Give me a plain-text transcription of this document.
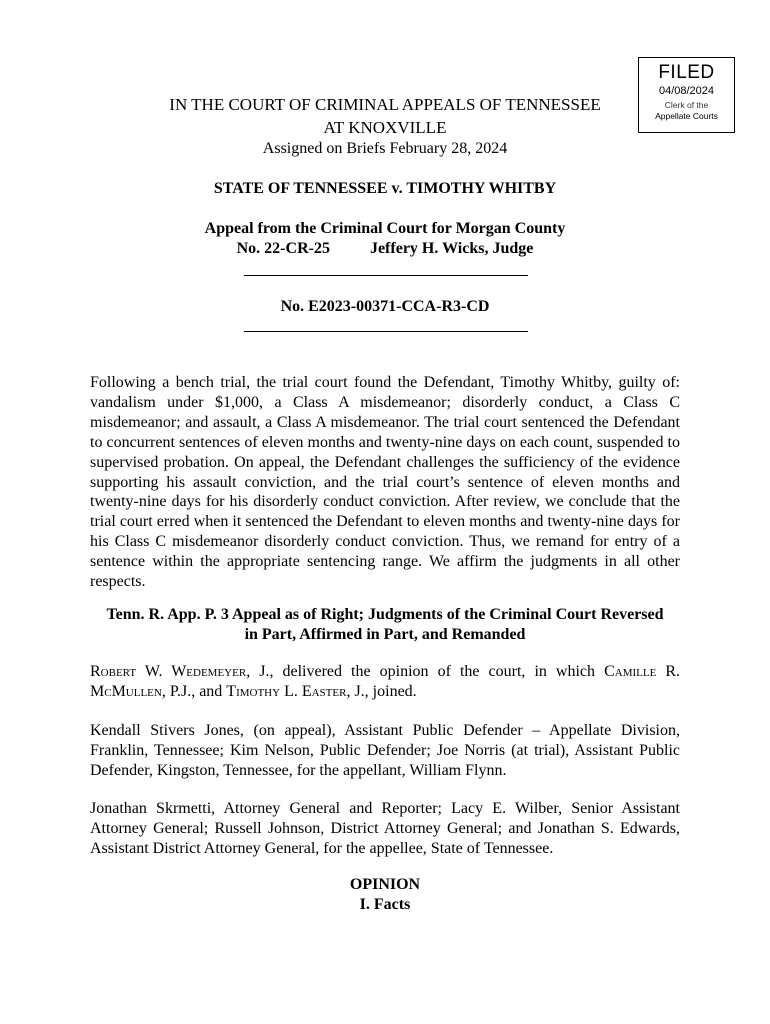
FILED
04/08/2024
Clerk of the
Appellate Courts
IN THE COURT OF CRIMINAL APPEALS OF TENNESSEE
AT KNOXVILLE
Assigned on Briefs February 28, 2024
STATE OF TENNESSEE v. TIMOTHY WHITBY
Appeal from the Criminal Court for Morgan County
No. 22-CR-25	Jeffery H. Wicks, Judge
No. E2023-00371-CCA-R3-CD
Following a bench trial, the trial court found the Defendant, Timothy Whitby, guilty of: vandalism under $1,000, a Class A misdemeanor; disorderly conduct, a Class C misdemeanor; and assault, a Class A misdemeanor. The trial court sentenced the Defendant to concurrent sentences of eleven months and twenty-nine days on each count, suspended to supervised probation. On appeal, the Defendant challenges the sufficiency of the evidence supporting his assault conviction, and the trial court’s sentence of eleven months and twenty-nine days for his disorderly conduct conviction. After review, we conclude that the trial court erred when it sentenced the Defendant to eleven months and twenty-nine days for his Class C misdemeanor disorderly conduct conviction. Thus, we remand for entry of a sentence within the appropriate sentencing range. We affirm the judgments in all other respects.
Tenn. R. App. P. 3 Appeal as of Right; Judgments of the Criminal Court Reversed
in Part, Affirmed in Part, and Remanded
Robert W. Wedemeyer, J., delivered the opinion of the court, in which Camille R. McMullen, P.J., and Timothy L. Easter, J., joined.
Kendall Stivers Jones, (on appeal), Assistant Public Defender – Appellate Division, Franklin, Tennessee; Kim Nelson, Public Defender; Joe Norris (at trial), Assistant Public Defender, Kingston, Tennessee, for the appellant, William Flynn.
Jonathan Skrmetti, Attorney General and Reporter; Lacy E. Wilber, Senior Assistant Attorney General; Russell Johnson, District Attorney General; and Jonathan S. Edwards, Assistant District Attorney General, for the appellee, State of Tennessee.
OPINION
I. Facts
